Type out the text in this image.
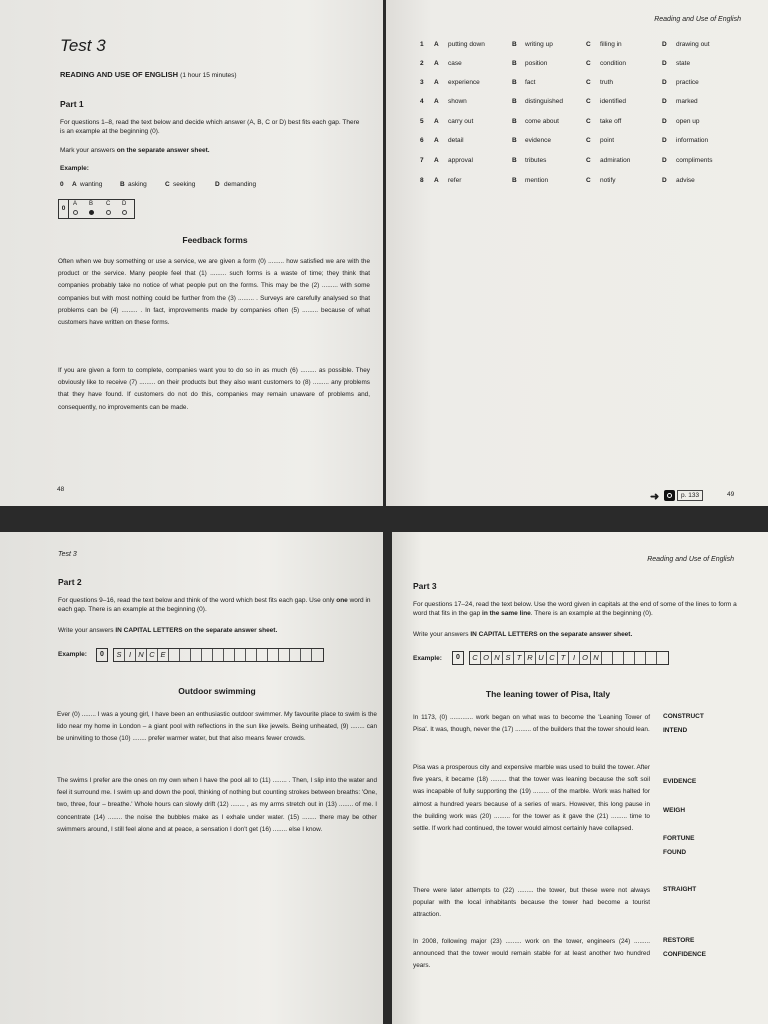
Test 3
READING AND USE OF ENGLISH (1 hour 15 minutes)
Part 1
For questions 1–8, read the text below and decide which answer (A, B, C or D) best fits each gap. There is an example at the beginning (0).
Mark your answers on the separate answer sheet.
Example:
0 A wanting	B asking	C seeking	D demanding
0
A B C D
Feedback forms
Often when we buy something or use a service, we are given a form (0) ......... how satisfied we are with the product or the service. Many people feel that (1) ......... such forms is a waste of time; they think that companies probably take no notice of what people put on the forms. This may be the (2) ......... with some companies but with most nothing could be further from the (3) ......... . Surveys are carefully analysed so that problems can be (4) ......... . In fact, improvements made by companies often (5) ......... because of what customers have written on these forms.
If you are given a form to complete, companies want you to do so in as much (6) ......... as possible. They obviously like to receive (7) ......... on their products but they also want customers to (8) ......... any problems that they have found. If customers do not do this, companies may remain unaware of problems and, consequently, no improvements can be made.
48
Reading and Use of English
1 A putting down	B writing up	C filling in	D drawing out
2 A case	B position	C condition	D state
3 A experience	B fact	C truth	D practice
4 A shown	B distinguished	C identified	D marked
5 A carry out	B come about	C take off	D open up
6 A detail	B evidence	C point	D information
7 A approval	B tributes	C admiration	D compliments
8 A refer	B mention	C notify	D advise
➜	p. 133	49
Test 3
Part 2
For questions 9–16, read the text below and think of the word which best fits each gap. Use only one word in each gap. There is an example at the beginning (0).
Write your answers IN CAPITAL LETTERS on the separate answer sheet.
Example:	0	S I N C E
Outdoor swimming
Ever (0) ........ I was a young girl, I have been an enthusiastic outdoor swimmer. My favourite place to swim is the lido near my home in London – a giant pool with reflections in the sun like jewels. Being unheated, (9) ........ can be uninviting to those (10) ........ prefer warmer water, but that also means fewer crowds.
The swims I prefer are the ones on my own when I have the pool all to (11) ........ . Then, I slip into the water and feel it surround me. I swim up and down the pool, thinking of nothing but counting strokes between breaths: 'One, two, three, four – breathe.' Whole hours can slowly drift (12) ........ , as my arms stretch out in (13) ........ of me. I concentrate (14) ........ the noise the bubbles make as I exhale under water. (15) ........ there may be other swimmers around, I still feel alone and at peace, a sensation I don't get (16) ........ else I know.
Reading and Use of English
Part 3
For questions 17–24, read the text below. Use the word given in capitals at the end of some of the lines to form a word that fits in the gap in the same line. There is an example at the beginning (0).
Write your answers IN CAPITAL LETTERS on the separate answer sheet.
Example:	0	C O N S T R U C T	I O N
The leaning tower of Pisa, Italy
In 1173, (0) ............. work began on what was to become the 'Leaning Tower of Pisa'. It was, though, never the (17) ......... of the builders that the tower should lean.
Pisa was a prosperous city and expensive marble was used to build the tower. After five years, it became (18) ......... that the tower was leaning because the soft soil was incapable of fully supporting the (19) ......... of the marble. Work was halted for almost a hundred years because of a series of wars. However, this long pause in the building work was (20) ......... for the tower as it gave the (21) ......... time to settle. If work had continued, the tower would almost certainly have collapsed.
There were later attempts to (22) ......... the tower, but these were not always popular with the local inhabitants because the tower had become a tourist attraction.
In 2008, following major (23) ......... work on the tower, engineers (24) ......... announced that the tower would remain stable for at least another two hundred years.
CONSTRUCT
INTEND
EVIDENCE
WEIGH
FORTUNE
FOUND
STRAIGHT
RESTORE
CONFIDENCE
